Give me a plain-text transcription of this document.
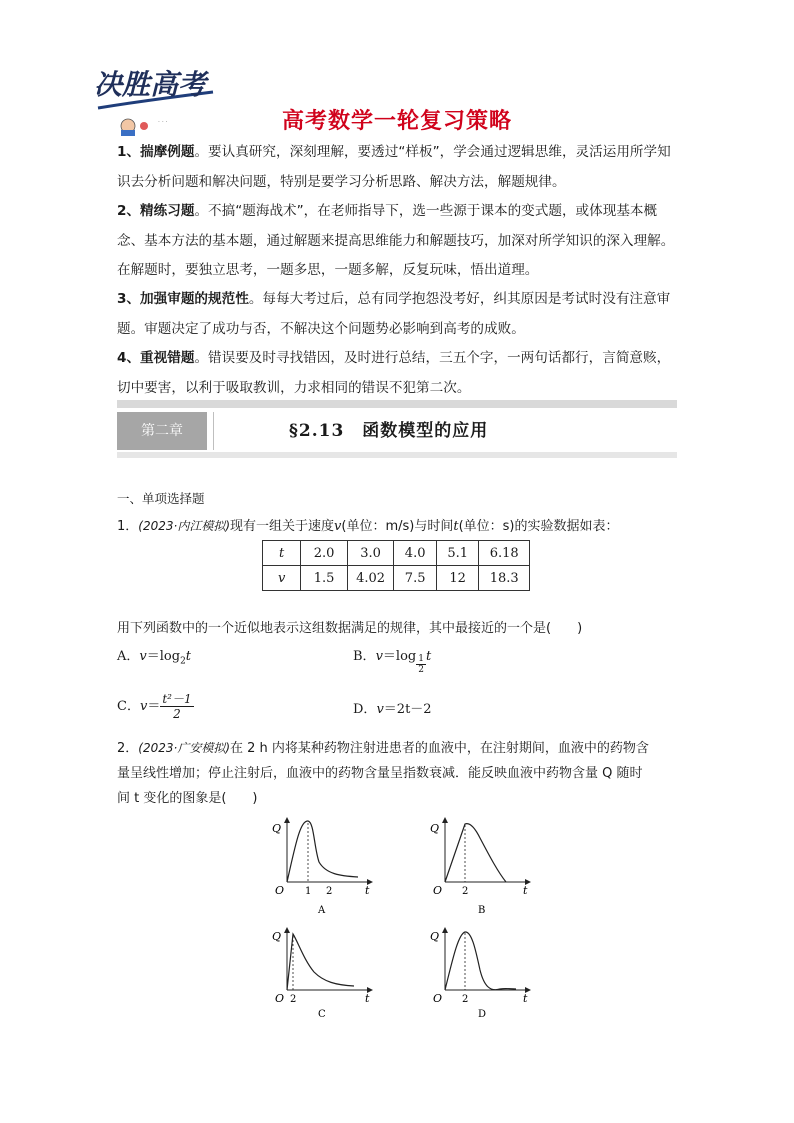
决胜高考
· · ·	高考数学一轮复习策略
1、揣摩例题。要认真研究，深刻理解，要透过“样板”，学会通过逻辑思维，灵活运用所学知识去分析问题和解决问题，特别是要学习分析思路、解决方法，解题规律。
2、精练习题。不搞“题海战术”，在老师指导下，选一些源于课本的变式题，或体现基本概念、基本方法的基本题，通过解题来提高思维能力和解题技巧，加深对所学知识的深入理解。在解题时，要独立思考，一题多思，一题多解，反复玩味，悟出道理。
3、加强审题的规范性。每每大考过后，总有同学抱怨没考好，纠其原因是考试时没有注意审题。审题决定了成功与否，不解决这个问题势必影响到高考的成败。
4、重视错题。错误要及时寻找错因，及时进行总结，三五个字，一两句话都行，言简意赅，切中要害，以利于吸取教训，力求相同的错误不犯第二次。
第二章	§2.13　函数模型的应用
一、单项选择题
1．(2023·内江模拟)现有一组关于速度v(单位：m/s)与时间t(单位：s)的实验数据如表：
t	2.0	3.0	4.0	5.1	6.18
v	1.5	4.02	7.5	12	18.3
用下列函数中的一个近似地表示这组数据满足的规律，其中最接近的一个是(　　)
A．$v=\log_2t$	B．$v=\log \frac{1}{2}$ t
C．$v= \frac{\text{t²－1}}{2}$	D．v＝2t－2
2．(2023·广安模拟)在 2 h 内将某种药物注射进患者的血液中，在注射期间，血液中的药物含
量呈线性增加；停止注射后，血液中的药物含量呈指数衰减．能反映血液中药物含量 Q 随时
间 t 变化的图象是(　　)
Q
O 1 2	t
A
Q
O 2	t
B
Q
O 2	t
C
Q
O 2	t
D
